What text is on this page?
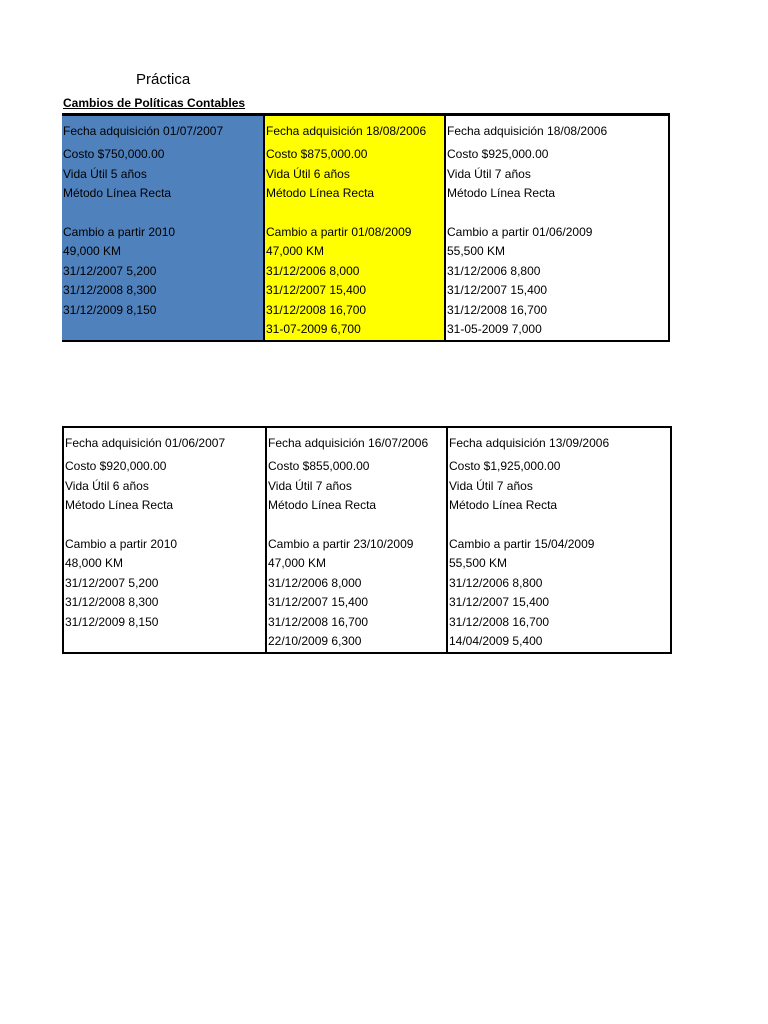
Práctica
Cambios de Políticas Contables
Fecha adquisición 01/07/2007
Costo $750,000.00
Vida Útil 5 años
Método Línea Recta
Cambio a partir 2010
49,000 KM
31/12/2007 5,200
31/12/2008 8,300
31/12/2009 8,150

Fecha adquisición 18/08/2006
Costo $875,000.00
Vida Útil 6 años
Método Línea Recta
Cambio a partir 01/08/2009
47,000 KM
31/12/2006 8,000
31/12/2007 15,400
31/12/2008 16,700
31-07-2009 6,700

Fecha adquisición 18/08/2006
Costo $925,000.00
Vida Útil 7 años
Método Línea Recta
Cambio a partir 01/06/2009
55,500 KM
31/12/2006 8,800
31/12/2007 15,400
31/12/2008 16,700
31-05-2009 7,000
Fecha adquisición 01/06/2007
Costo $920,000.00
Vida Útil 6 años
Método Línea Recta
Cambio a partir 2010
48,000 KM
31/12/2007 5,200
31/12/2008 8,300
31/12/2009 8,150

Fecha adquisición 16/07/2006
Costo $855,000.00
Vida Útil 7 años
Método Línea Recta
Cambio a partir 23/10/2009
47,000 KM
31/12/2006 8,000
31/12/2007 15,400
31/12/2008 16,700
22/10/2009 6,300

Fecha adquisición 13/09/2006
Costo $1,925,000.00
Vida Útil 7 años
Método Línea Recta
Cambio a partir 15/04/2009
55,500 KM
31/12/2006 8,800
31/12/2007 15,400
31/12/2008 16,700
14/04/2009 5,400
